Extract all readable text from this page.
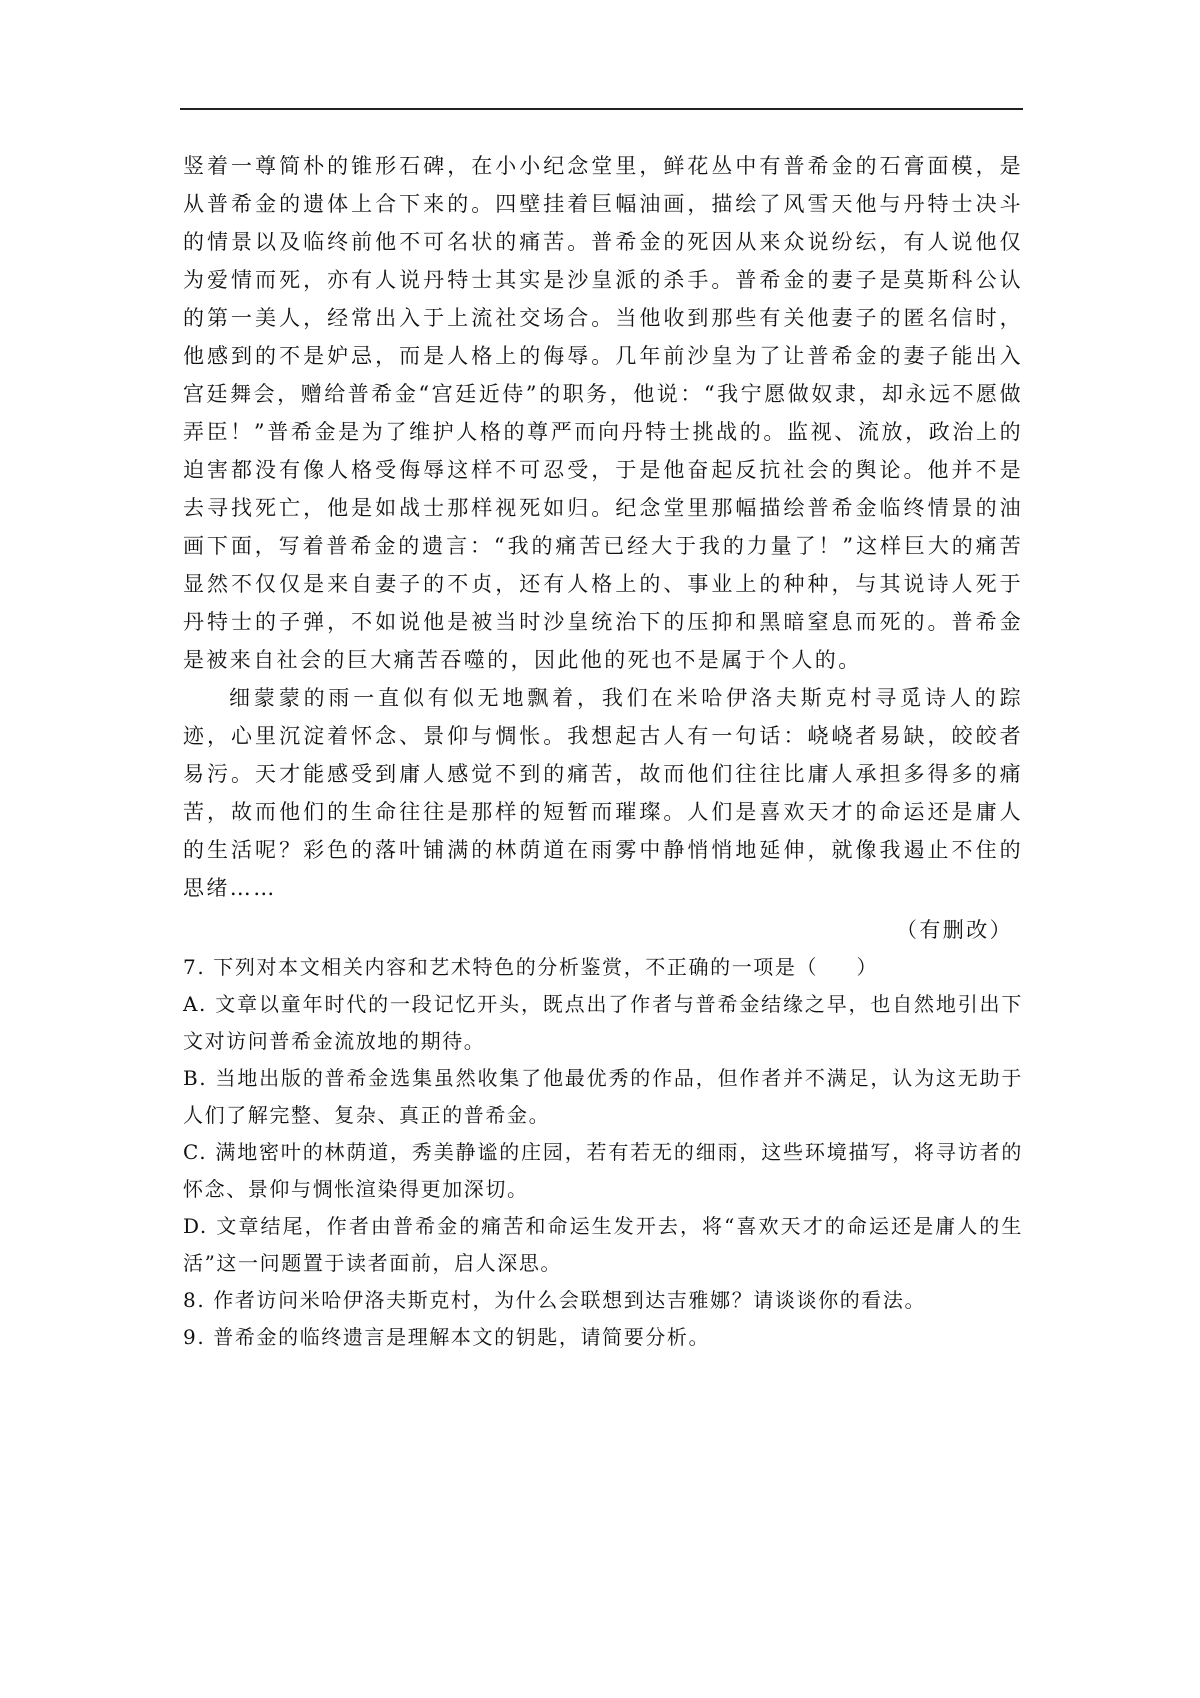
竖着一尊简朴的锥形石碑，在小小纪念堂里，鲜花丛中有普希金的石膏面模，是从普希金的遗体上合下来的。四壁挂着巨幅油画，描绘了风雪天他与丹特士决斗的情景以及临终前他不可名状的痛苦。普希金的死因从来众说纷纭，有人说他仅为爱情而死，亦有人说丹特士其实是沙皇派的杀手。普希金的妻子是莫斯科公认的第一美人，经常出入于上流社交场合。当他收到那些有关他妻子的匿名信时，他感到的不是妒忌，而是人格上的侮辱。几年前沙皇为了让普希金的妻子能出入宫廷舞会，赠给普希金“宫廷近侍”的职务，他说：“我宁愿做奴隶，却永远不愿做弄臣！”普希金是为了维护人格的尊严而向丹特士挑战的。监视、流放，政治上的迫害都没有像人格受侮辱这样不可忍受，于是他奋起反抗社会的舆论。他并不是去寻找死亡，他是如战士那样视死如归。纪念堂里那幅描绘普希金临终情景的油画下面，写着普希金的遗言：“我的痛苦已经大于我的力量了！”这样巨大的痛苦显然不仅仅是来自妻子的不贞，还有人格上的、事业上的种种，与其说诗人死于丹特士的子弹，不如说他是被当时沙皇统治下的压抑和黑暗窒息而死的。普希金是被来自社会的巨大痛苦吞噬的，因此他的死也不是属于个人的。

细蒙蒙的雨一直似有似无地飘着，我们在米哈伊洛夫斯克村寻觅诗人的踪迹，心里沉淀着怀念、景仰与惆怅。我想起古人有一句话：峣峣者易缺，皎皎者易污。天才能感受到庸人感觉不到的痛苦，故而他们往往比庸人承担多得多的痛苦，故而他们的生命往往是那样的短暂而璀璨。人们是喜欢天才的命运还是庸人的生活呢？彩色的落叶铺满的林荫道在雨雾中静悄悄地延伸，就像我遏止不住的思绪……

（有删改）

7. 下列对本文相关内容和艺术特色的分析鉴赏，不正确的一项是（　　）

A. 文章以童年时代的一段记忆开头，既点出了作者与普希金结缘之早，也自然地引出下文对访问普希金流放地的期待。

B. 当地出版的普希金选集虽然收集了他最优秀的作品，但作者并不满足，认为这无助于人们了解完整、复杂、真正的普希金。

C. 满地密叶的林荫道，秀美静谧的庄园，若有若无的细雨，这些环境描写，将寻访者的怀念、景仰与惆怅渲染得更加深切。

D. 文章结尾，作者由普希金的痛苦和命运生发开去，将“喜欢天才的命运还是庸人的生活”这一问题置于读者面前，启人深思。

8. 作者访问米哈伊洛夫斯克村，为什么会联想到达吉雅娜？请谈谈你的看法。

9. 普希金的临终遗言是理解本文的钥匙，请简要分析。
